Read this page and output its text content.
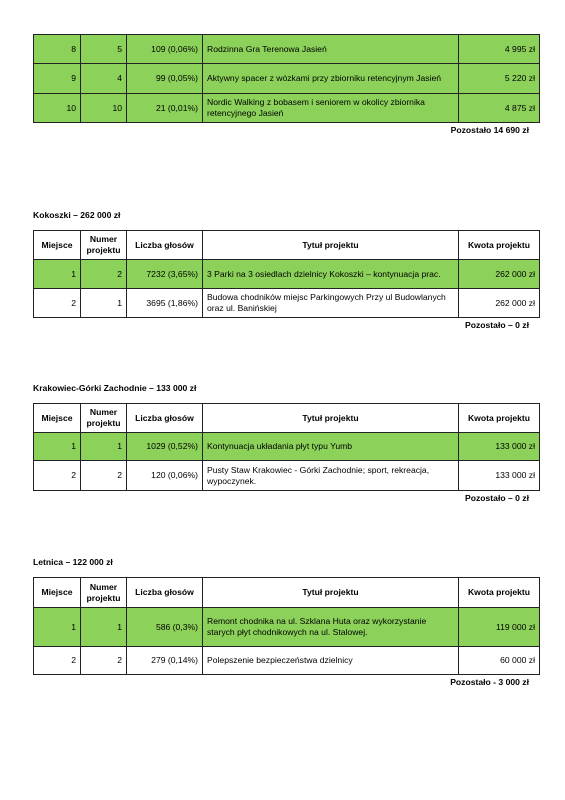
8	5	109 (0,06%)	Rodzinna Gra Terenowa Jasień	4 995 zł
9	4	99 (0,05%)	Aktywny spacer z wózkami przy zbiorniku retencyjnym Jasień	5 220 zł
10	10	21 (0,01%)	Nordic Walking z bobasem i seniorem w okolicy zbiornika retencyjnego Jasień	4 875 zł
Pozostało 14 690 zł
Kokoszki – 262 000 zł
Miejsce	Numer projektu	Liczba głosów	Tytuł projektu	Kwota projektu
1	2	7232 (3,65%)	3 Parki na 3 osiedlach dzielnicy Kokoszki – kontynuacja prac.	262 000 zł
2	1	3695 (1,86%)	Budowa chodników miejsc Parkingowych Przy ul Budowlanych oraz ul. Banińskiej	262 000 zł
Pozostało – 0 zł
Krakowiec-Górki Zachodnie – 133 000 zł
Miejsce	Numer projektu	Liczba głosów	Tytuł projektu	Kwota projektu
1	1	1029 (0,52%)	Kontynuacja układania płyt typu Yumb	133 000 zł
2	2	120 (0,06%)	Pusty Staw Krakowiec - Górki Zachodnie; sport, rekreacja, wypoczynek.	133 000 zł
Pozostało – 0 zł
Letnica – 122 000 zł
Miejsce	Numer projektu	Liczba głosów	Tytuł projektu	Kwota projektu
1	1	586 (0,3%)	Remont chodnika na ul. Szklana Huta oraz wykorzystanie starych płyt chodnikowych na ul. Stalowej.	119 000 zł
2	2	279 (0,14%)	Polepszenie bezpieczeństwa dzielnicy	60 000 zł
Pozostało - 3 000 zł
